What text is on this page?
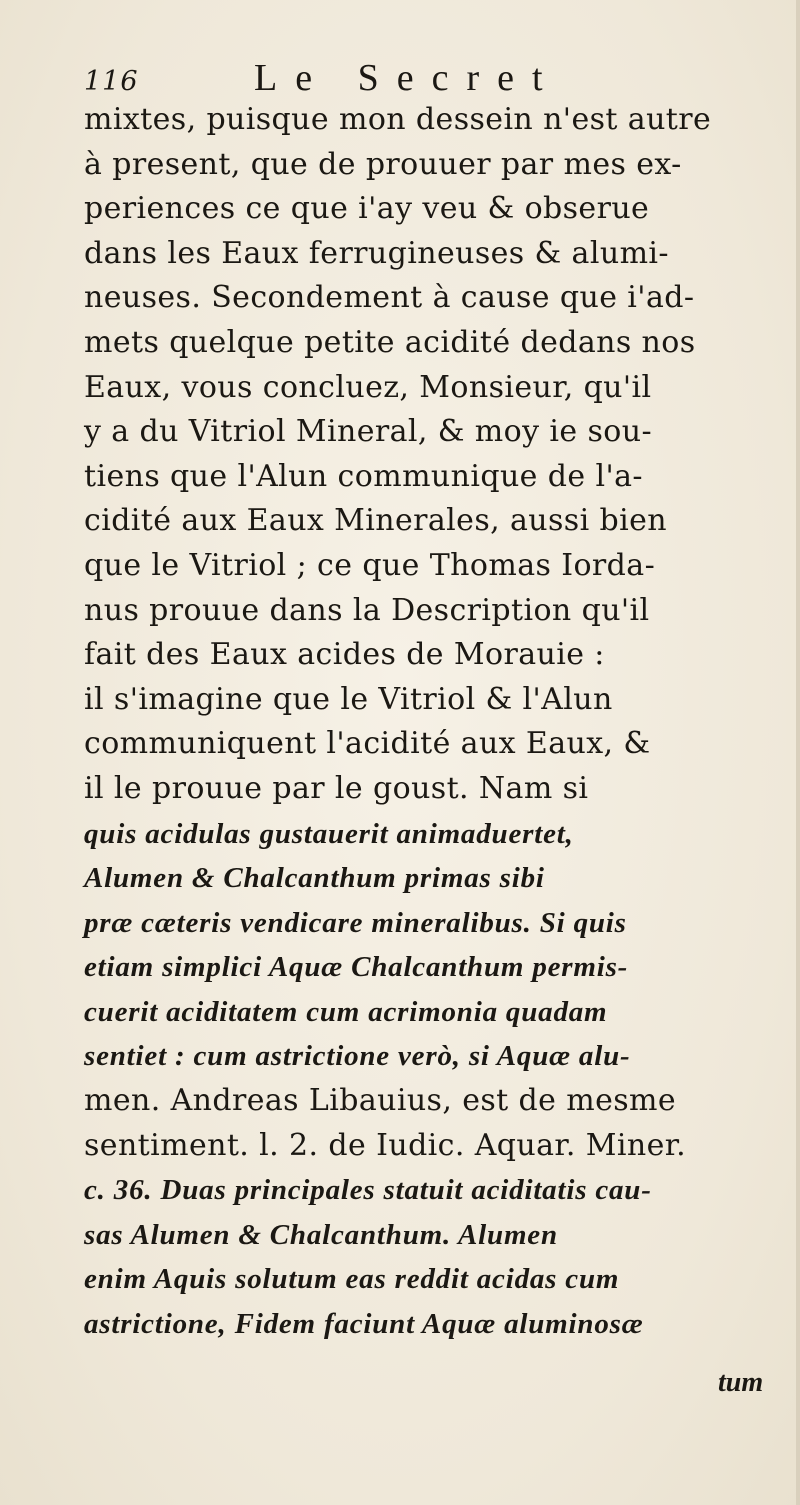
116	Le Secret
mixtes, puisque mon dessein n'est autre
à present, que de prouuer par mes ex-
periences ce que i'ay veu & obserue
dans les Eaux ferrugineuses & alumi-
neuses. Secondement à cause que i'ad-
mets quelque petite acidité dedans nos
Eaux, vous concluez, Monsieur, qu'il
y a du Vitriol Mineral, & moy ie sou-
tiens que l'Alun communique de l'a-
cidité aux Eaux Minerales, aussi bien
que le Vitriol ; ce que Thomas Iorda-
nus prouue dans la Description qu'il
fait des Eaux acides de Morauie :
il s'imagine que le Vitriol & l'Alun
communiquent l'acidité aux Eaux, &
il le prouue par le goust. Nam si
quis acidulas gustauerit animaduertet,
Alumen & Chalcanthum primas sibi
præ cæteris vendicare mineralibus. Si quis
etiam simplici Aquæ Chalcanthum permis-
cuerit aciditatem cum acrimonia quadam
sentiet : cum astrictione verò, si Aquæ alu-
men. Andreas Libauius, est de mesme
sentiment. l. 2. de Iudic. Aquar. Miner.
c. 36. Duas principales statuit aciditatis cau-
sas Alumen & Chalcanthum. Alumen
enim Aquis solutum eas reddit acidas cum
astrictione, Fidem faciunt Aquæ aluminosæ
tum
